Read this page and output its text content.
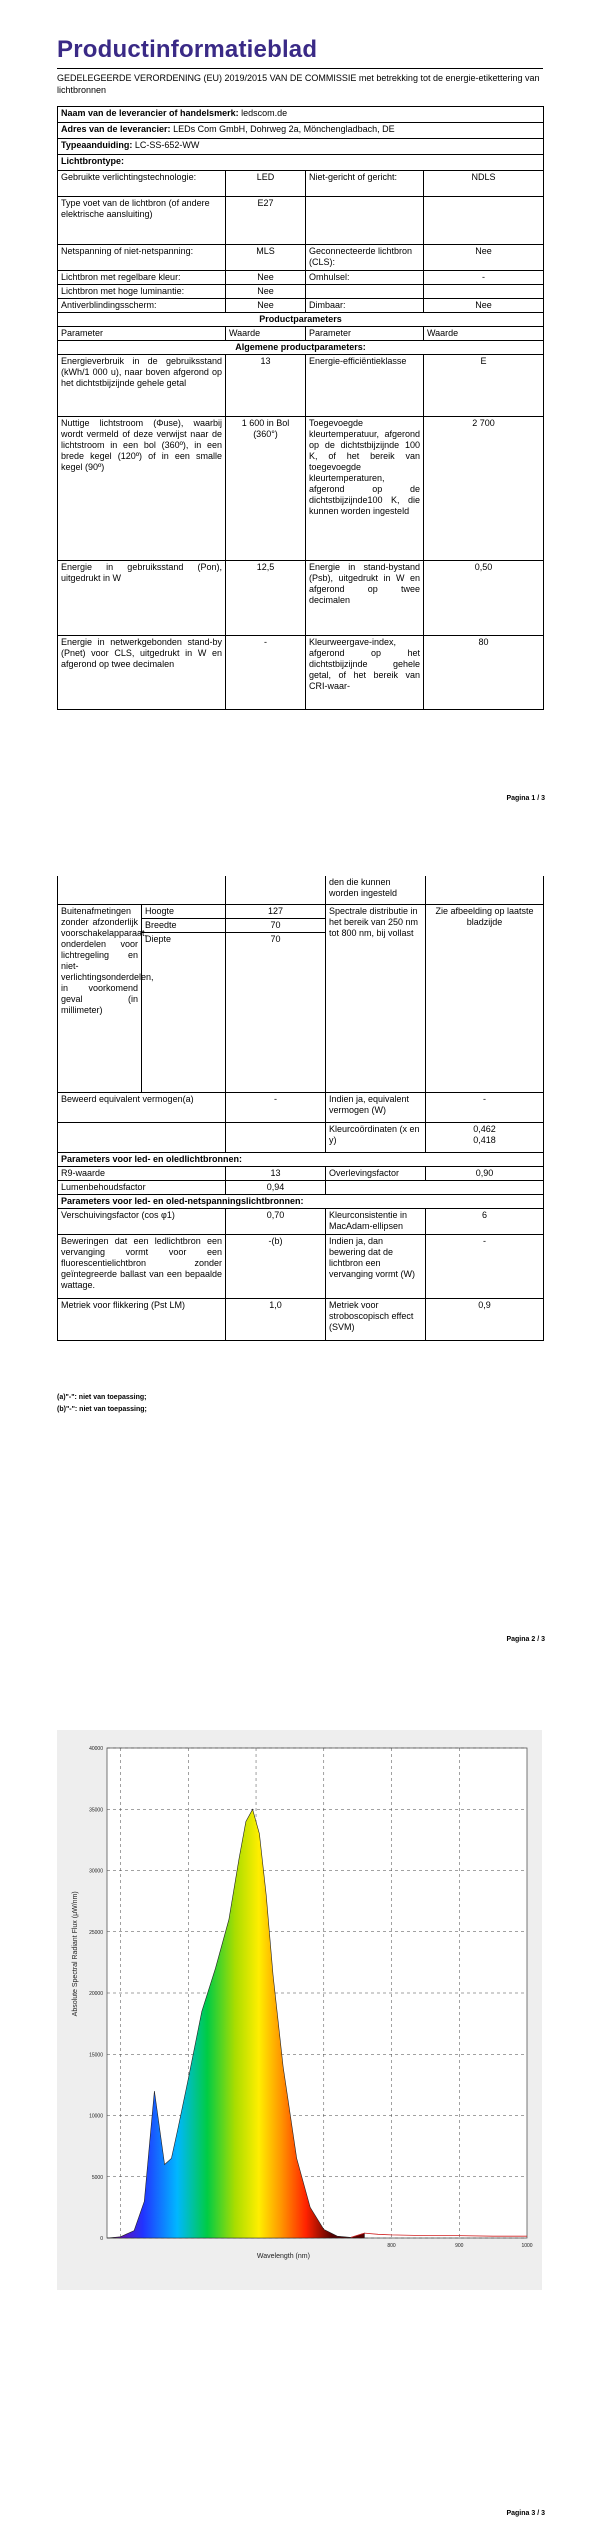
Productinformatieblad
GEDELEGEERDE VERORDENING (EU) 2019/2015 VAN DE COMMISSIE met betrekking tot de energie-etikettering van lichtbronnen
Naam van de leverancier of handelsmerk: ledscom.de			
Adres van de leverancier: LEDs Com GmbH, Dohrweg 2a, Mönchengladbach, DE			
Typeaanduiding: LC-SS-652-WW			
Lichtbrontype:			
Gebruikte verlichtingstechnologie:	LED	Niet-gericht of gericht:	NDLS
Type voet van de lichtbron (of andere elektrische aansluiting)	E27		
Netspanning of niet-netspanning:	MLS	Geconnecteerde lichtbron (CLS):	Nee
Lichtbron met regelbare kleur:	Nee	Omhulsel:	-
Lichtbron met hoge luminantie:	Nee		
Antiverblindingsscherm:	Nee	Dimbaar:	Nee
Productparameters			
Parameter	Waarde	Parameter	Waarde
Algemene productparameters:			
Energieverbruik in de gebruiksstand (kWh/1 000 u), naar boven afgerond op het dichtstbijzijnde gehele getal	13	Energie-efficiëntieklasse	E
Nuttige lichtstroom (Φuse), waarbij wordt vermeld of deze verwijst naar de lichtstroom in een bol (360º), in een brede kegel (120º) of in een smalle kegel (90º)	1 600 in Bol (360°)	Toegevoegde kleurtemperatuur, afgerond op de dichtstbijzijnde 100 K, of het bereik van toegevoegde kleurtemperaturen, afgerond op de dichtstbijzijnde100 K, die kunnen worden ingesteld	2 700
Energie in gebruiksstand (Pon), uitgedrukt in W	12,5	Energie in stand-bystand (Psb), uitgedrukt in W en afgerond op twee decimalen	0,50
Energie in netwerkgebonden stand-by (Pnet) voor CLS, uitgedrukt in W en afgerond op twee decimalen	-	Kleurweergave-index, afgerond op het dichtstbijzijnde gehele getal, of het bereik van CRI-waar-	80
Pagina 1 / 3
			den die kunnen worden ingesteld	
Buitenafmetingen zonder afzonderlijk voorschakelapparaat, onderdelen voor lichtregeling en niet-verlichtingsonderdelen, in voorkomend geval (in millimeter)	Hoogte	127	Spectrale distributie in het bereik van 250 nm tot 800 nm, bij vollast	Zie afbeelding op laatste bladzijde
	Breedte	70		
	Diepte	70		
Beweerd equivalent vermogen(a)		-	Indien ja, equivalent vermogen (W)	-
			Kleurcoördinaten (x en y)	0,462
0,418

Parameters voor led- en oledlichtbronnen:				
R9-waarde		13	Overlevingsfactor	0,90
Lumenbehoudsfactor		0,94		
Parameters voor led- en oled-netspanningslichtbronnen:				
Verschuivingsfactor (cos φ1)		0,70	Kleurconsistentie in MacAdam-ellipsen	6
Beweringen dat een ledlichtbron een vervanging vormt voor een fluorescentielichtbron zonder geïntegreerde ballast van een bepaalde wattage.		-(b)	Indien ja, dan bewering dat de lichtbron een vervanging vormt (W)	-
Metriek voor flikkering (Pst LM)		1,0	Metriek voor stroboscopisch effect (SVM)	0,9
(a)"-": niet van toepassing;
(b)"-": niet van toepassing;
Pagina 2 / 3
0
5000
10000
15000
20000
25000
30000
35000
40000
800	900	1000
Wavelength (nm)
Absolute Spectral Radiant Flux (μW/nm)
Pagina 3 / 3
